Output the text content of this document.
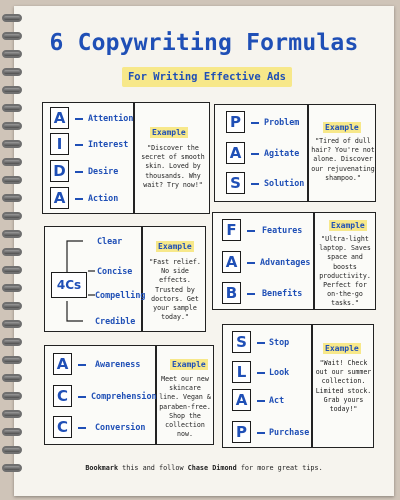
6 Copywriting Formulas
For Writing Effective Ads
A	Attention
I	Interest
D	Desire
A	Action
Example
"Discover the secret of smooth skin. Loved by thousands. Why wait? Try now!"
P	Problem
A	Agitate
S	Solution
Example
"Tired of dull hair? You're not alone. Discover our rejuvenating shampoo."
4Cs
Clear
Concise
Compelling
Credible
Example
"Fast relief. No side effects. Trusted by doctors. Get your sample today."
F	Features
A	Advantages
B	Benefits
Example
"Ultra-light laptop. Saves space and boosts productivity. Perfect for on-the-go tasks."
A	Awareness
C	Comprehension
C	Conversion
Example
Meet our new skincare line. Vegan & paraben-free. Shop the collection now.
S	Stop
L	Look
A	Act
P	Purchase
Example
"Wait! Check out our summer collection. Limited stock. Grab yours today!"
Bookmark this and follow Chase Dimond for more great tips.
